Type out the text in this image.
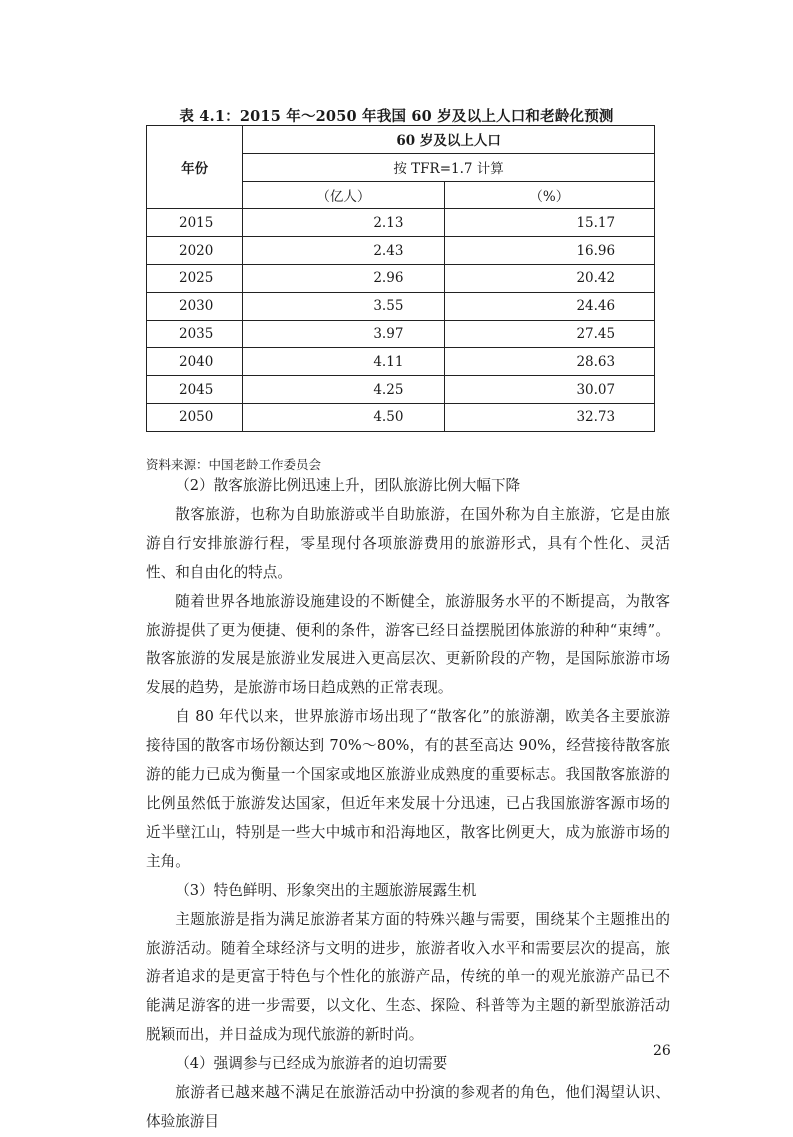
表 4.1：2015 年～2050 年我国 60 岁及以上人口和老龄化预测
年份	60 岁及以上人口	
	按 TFR=1.7 计算	
	（亿人）	（%）
2015	2.13	15.17
2020	2.43	16.96
2025	2.96	20.42
2030	3.55	24.46
2035	3.97	27.45
2040	4.11	28.63
2045	4.25	30.07
2050	4.50	32.73
资料来源：中国老龄工作委员会

（2）散客旅游比例迅速上升，团队旅游比例大幅下降

散客旅游，也称为自助旅游或半自助旅游，在国外称为自主旅游，它是由旅游自行安排旅游行程，零星现付各项旅游费用的旅游形式，具有个性化、灵活性、和自由化的特点。

随着世界各地旅游设施建设的不断健全，旅游服务水平的不断提高，为散客旅游提供了更为便捷、便利的条件，游客已经日益摆脱团体旅游的种种“束缚”。散客旅游的发展是旅游业发展进入更高层次、更新阶段的产物，是国际旅游市场发展的趋势，是旅游市场日趋成熟的正常表现。

自 80 年代以来，世界旅游市场出现了“散客化”的旅游潮，欧美各主要旅游接待国的散客市场份额达到 70%～80%，有的甚至高达 90%，经营接待散客旅游的能力已成为衡量一个国家或地区旅游业成熟度的重要标志。我国散客旅游的比例虽然低于旅游发达国家，但近年来发展十分迅速，已占我国旅游客源市场的近半壁江山，特别是一些大中城市和沿海地区，散客比例更大，成为旅游市场的主角。

（3）特色鲜明、形象突出的主题旅游展露生机

主题旅游是指为满足旅游者某方面的特殊兴趣与需要，围绕某个主题推出的旅游活动。随着全球经济与文明的进步，旅游者收入水平和需要层次的提高，旅游者追求的是更富于特色与个性化的旅游产品，传统的单一的观光旅游产品已不能满足游客的进一步需要，以文化、生态、探险、科普等为主题的新型旅游活动脱颖而出，并日益成为现代旅游的新时尚。

（4）强调参与已经成为旅游者的迫切需要

旅游者已越来越不满足在旅游活动中扮演的参观者的角色，他们渴望认识、体验旅游目

26
